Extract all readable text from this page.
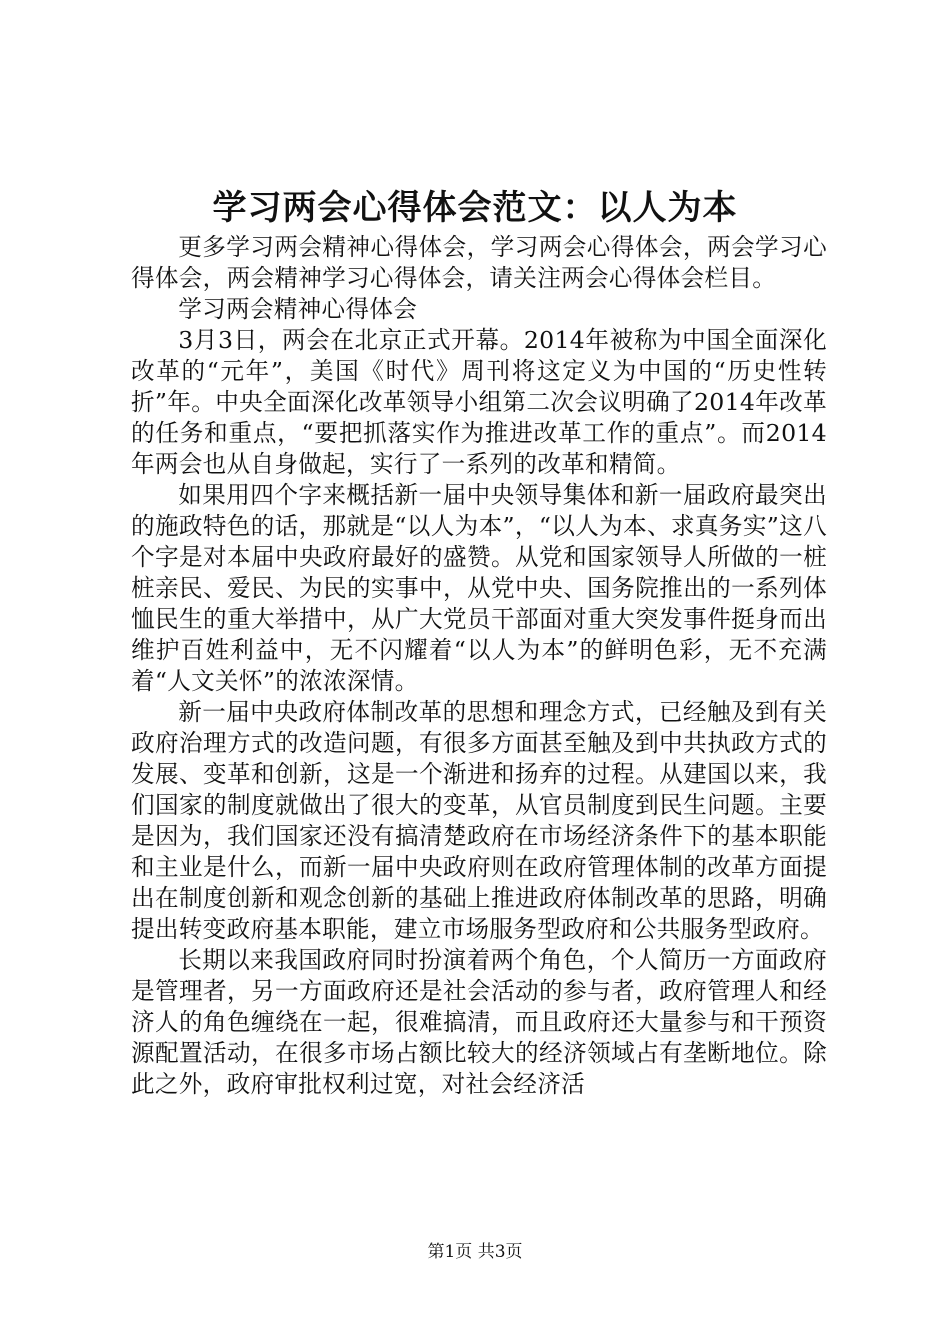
学习两会心得体会范文：以人为本

更多学习两会精神心得体会，学习两会心得体会，两会学习心得体会，两会精神学习心得体会，请关注两会心得体会栏目。

学习两会精神心得体会

3月3日，两会在北京正式开幕。2014年被称为中国全面深化改革的“元年”，美国《时代》周刊将这定义为中国的“历史性转折”年。中央全面深化改革领导小组第二次会议明确了2014年改革的任务和重点，“要把抓落实作为推进改革工作的重点”。而2014年两会也从自身做起，实行了一系列的改革和精简。

如果用四个字来概括新一届中央领导集体和新一届政府最突出的施政特色的话，那就是“以人为本”，“以人为本、求真务实”这八个字是对本届中央政府最好的盛赞。从党和国家领导人所做的一桩桩亲民、爱民、为民的实事中，从党中央、国务院推出的一系列体恤民生的重大举措中，从广大党员干部面对重大突发事件挺身而出维护百姓利益中，无不闪耀着“以人为本”的鲜明色彩，无不充满着“人文关怀”的浓浓深情。

新一届中央政府体制改革的思想和理念方式，已经触及到有关政府治理方式的改造问题，有很多方面甚至触及到中共执政方式的发展、变革和创新，这是一个渐进和扬弃的过程。从建国以来，我们国家的制度就做出了很大的变革，从官员制度到民生问题。主要是因为，我们国家还没有搞清楚政府在市场经济条件下的基本职能和主业是什么，而新一届中央政府则在政府管理体制的改革方面提出在制度创新和观念创新的基础上推进政府体制改革的思路，明确提出转变政府基本职能，建立市场服务型政府和公共服务型政府。

长期以来我国政府同时扮演着两个角色，个人简历一方面政府是管理者，另一方面政府还是社会活动的参与者，政府管理人和经济人的角色缠绕在一起，很难搞清，而且政府还大量参与和干预资源配置活动，在很多市场占额比较大的经济领域占有垄断地位。除此之外，政府审批权利过宽，对社会经济活

第1页 共3页
